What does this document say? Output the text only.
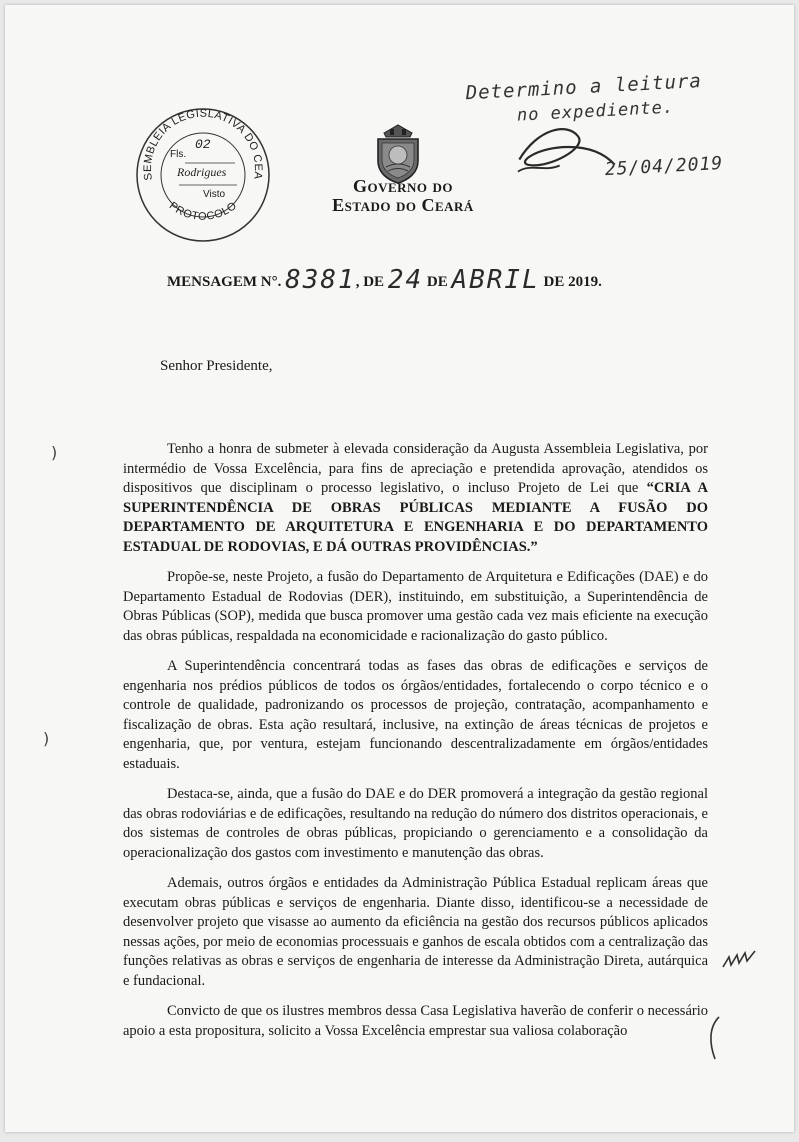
SEMBLEIA LEGISLATIVA DO CEA
PROTOCOLO
Fls.
02
Rodrigues
Visto	Governo do
Estado do Ceará
Determino a leitura
no expediente.
25/04/2019
MENSAGEM N°. 8381, DE 24 DE ABRIL DE 2019.
Senhor Presidente,
)
)

Tenho a honra de submeter à elevada consideração da Augusta Assembleia Legislativa, por intermédio de Vossa Excelência, para fins de apreciação e pretendida aprovação, atendidos os dispositivos que disciplinam o processo legislativo, o incluso Projeto de Lei que “CRIA A SUPERINTENDÊNCIA DE OBRAS PÚBLICAS MEDIANTE A FUSÃO DO DEPARTAMENTO DE ARQUITETURA E ENGENHARIA E DO DEPARTAMENTO ESTADUAL DE RODOVIAS, E DÁ OUTRAS PROVIDÊNCIAS.”

Propõe-se, neste Projeto, a fusão do Departamento de Arquitetura e Edificações (DAE) e do Departamento Estadual de Rodovias (DER), instituindo, em substituição, a Superintendência de Obras Públicas (SOP), medida que busca promover uma gestão cada vez mais eficiente na execução das obras públicas, respaldada na economicidade e racionalização do gasto público.

A Superintendência concentrará todas as fases das obras de edificações e serviços de engenharia nos prédios públicos de todos os órgãos/entidades, fortalecendo o corpo técnico e o controle de qualidade, padronizando os processos de projeção, contratação, acompanhamento e fiscalização de obras. Esta ação resultará, inclusive, na extinção de áreas técnicas de projetos e engenharia, que, por ventura, estejam funcionando descentralizadamente em órgãos/entidades estaduais.

Destaca-se, ainda, que a fusão do DAE e do DER promoverá a integração da gestão regional das obras rodoviárias e de edificações, resultando na redução do número dos distritos operacionais, e dos sistemas de controles de obras públicas, propiciando o gerenciamento e a consolidação da operacionalização dos gastos com investimento e manutenção das obras.

Ademais, outros órgãos e entidades da Administração Pública Estadual replicam áreas que executam obras públicas e serviços de engenharia. Diante disso, identificou-se a necessidade de desenvolver projeto que visasse ao aumento da eficiência na gestão dos recursos públicos aplicados nessas ações, por meio de economias processuais e ganhos de escala obtidos com a centralização das funções relativas as obras e serviços de engenharia de interesse da Administração Direta, autárquica e fundacional.

Convicto de que os ilustres membros dessa Casa Legislativa haverão de conferir o necessário apoio a esta propositura, solicito a Vossa Excelência emprestar sua valiosa colaboração
